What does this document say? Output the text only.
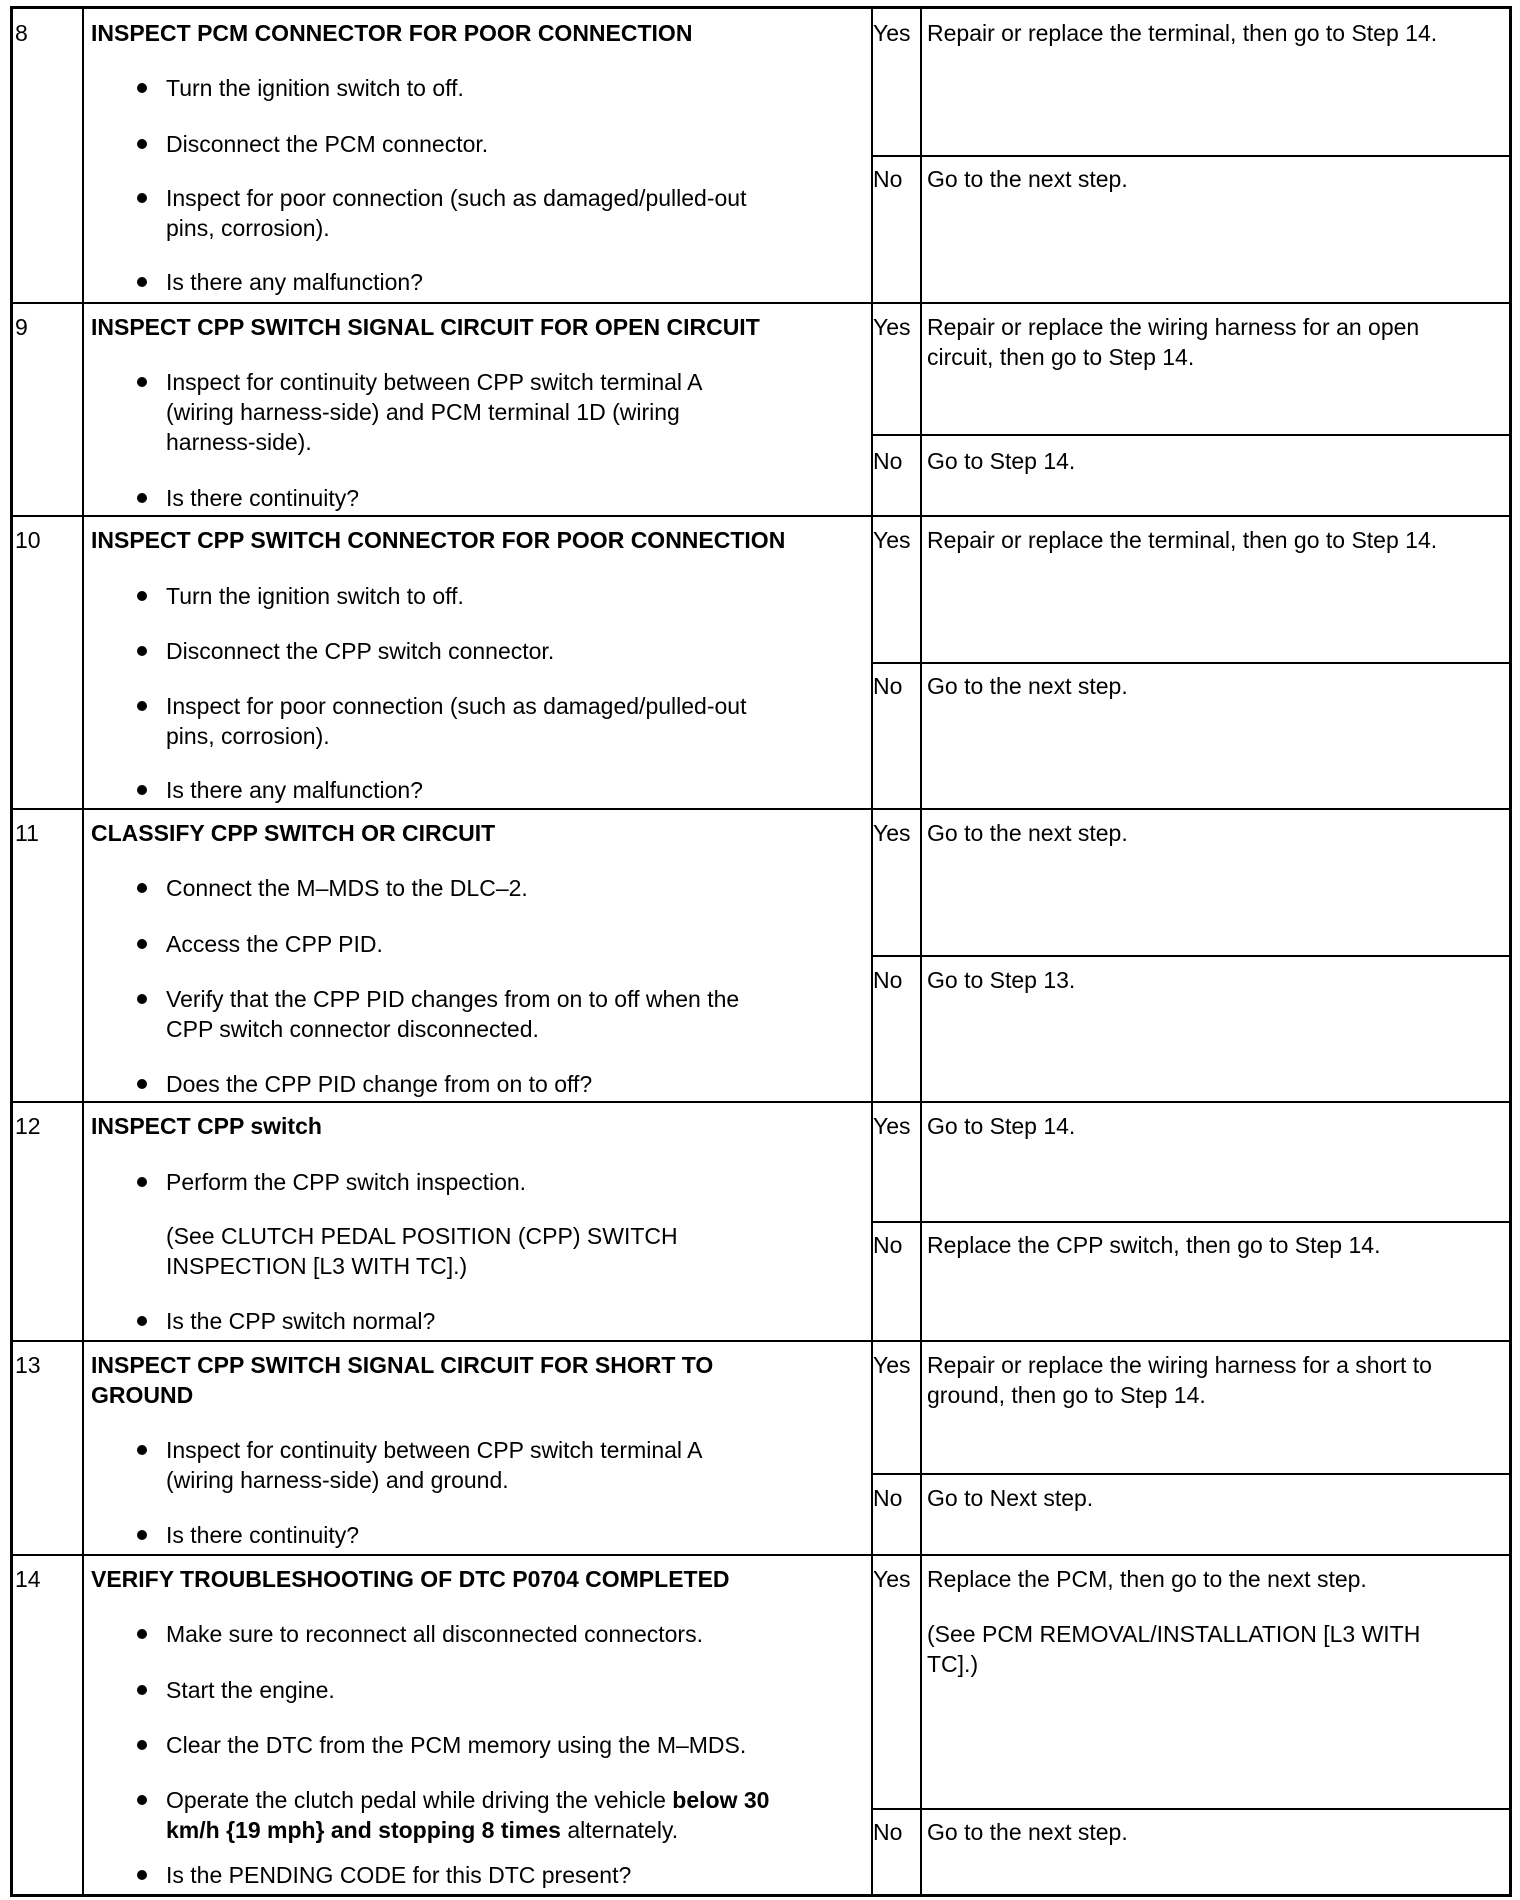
8	INSPECT PCM CONNECTOR FOR POOR CONNECTION
Turn the ignition switch to off.
Disconnect the PCM connector.
Inspect for poor connection (such as damaged/pulled-out
pins, corrosion).
Is there any malfunction?
Yes Repair or replace the terminal, then go to Step 14.
No Go to the next step.
9	INSPECT CPP SWITCH SIGNAL CIRCUIT FOR OPEN CIRCUIT
Inspect for continuity between CPP switch terminal A
(wiring harness-side) and PCM terminal 1D (wiring
harness-side).
Is there continuity?
Yes Repair or replace the wiring harness for an open
circuit, then go to Step 14.
No Go to Step 14.
10 INSPECT CPP SWITCH CONNECTOR FOR POOR CONNECTION
Turn the ignition switch to off.
Disconnect the CPP switch connector.
Inspect for poor connection (such as damaged/pulled-out
pins, corrosion).
Is there any malfunction?
Yes Repair or replace the terminal, then go to Step 14.
No Go to the next step.
11 CLASSIFY CPP SWITCH OR CIRCUIT
Connect the M–MDS to the DLC–2.
Access the CPP PID.
Verify that the CPP PID changes from on to off when the
CPP switch connector disconnected.
Does the CPP PID change from on to off?
Yes Go to the next step.
No Go to Step 13.
12 INSPECT CPP switch
Perform the CPP switch inspection.
(See CLUTCH PEDAL POSITION (CPP) SWITCH
INSPECTION [L3 WITH TC].)
Is the CPP switch normal?
Yes Go to Step 14.
No Replace the CPP switch, then go to Step 14.
13 INSPECT CPP SWITCH SIGNAL CIRCUIT FOR SHORT TO
GROUND
Inspect for continuity between CPP switch terminal A
(wiring harness-side) and ground.
Is there continuity?
Yes Repair or replace the wiring harness for a short to
ground, then go to Step 14.
No Go to Next step.
14 VERIFY TROUBLESHOOTING OF DTC P0704 COMPLETED
Make sure to reconnect all disconnected connectors.
Start the engine.
Clear the DTC from the PCM memory using the M–MDS.
Operate the clutch pedal while driving the vehicle below 30
km/h {19 mph} and stopping 8 times alternately.
Is the PENDING CODE for this DTC present?
Yes Replace the PCM, then go to the next step.
(See PCM REMOVAL/INSTALLATION [L3 WITH
TC].)
No Go to the next step.
